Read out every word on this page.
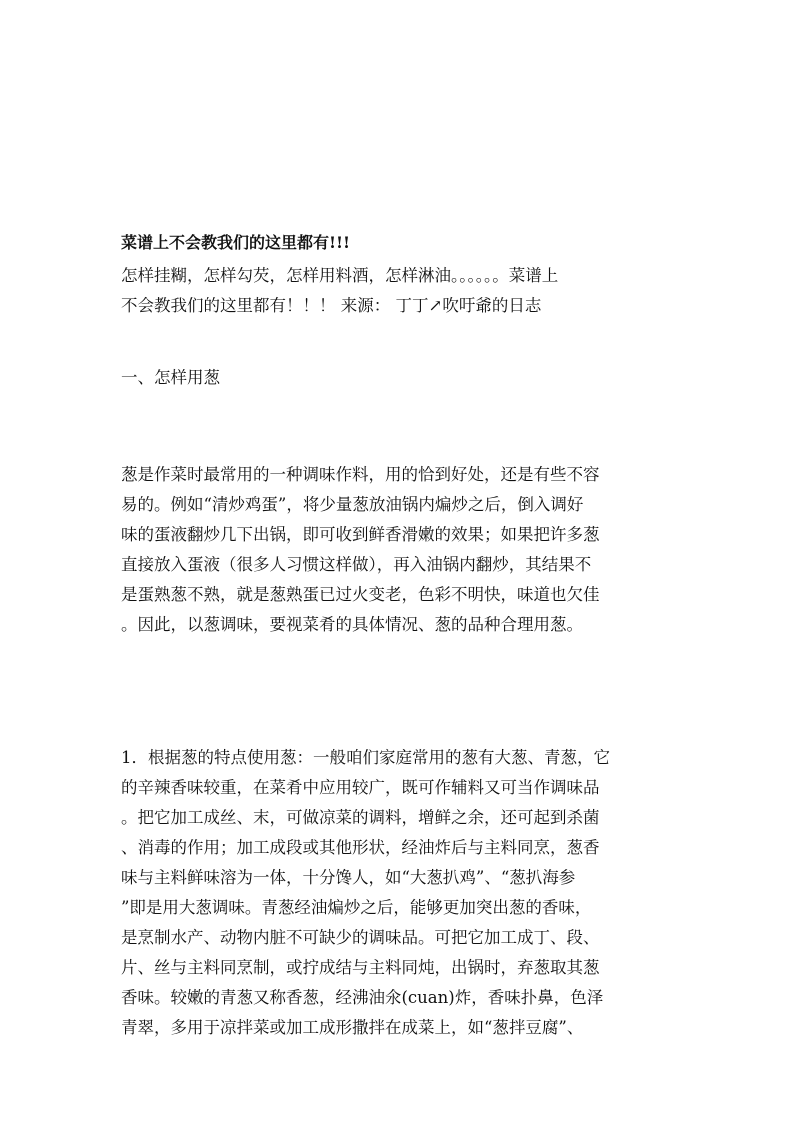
菜谱上不会教我们的这里都有!!!
怎样挂糊，怎样勾芡，怎样用料酒，怎样淋油。。。。。。菜谱上
不会教我们的这里都有！！！ 来源： 丁丁↗吹吁爺的日志
一、怎样用葱
葱是作菜时最常用的一种调味作料，用的恰到好处，还是有些不容
易的。例如“清炒鸡蛋”，将少量葱放油锅内煸炒之后，倒入调好
味的蛋液翻炒几下出锅，即可收到鲜香滑嫩的效果；如果把许多葱
直接放入蛋液（很多人习惯这样做），再入油锅内翻炒，其结果不
是蛋熟葱不熟，就是葱熟蛋已过火变老，色彩不明快，味道也欠佳
。因此，以葱调味，要视菜肴的具体情况、葱的品种合理用葱。
1．根据葱的特点使用葱：一般咱们家庭常用的葱有大葱、青葱，它
的辛辣香味较重，在菜肴中应用较广，既可作辅料又可当作调味品
。把它加工成丝、末，可做凉菜的调料，增鲜之余，还可起到杀菌
、消毒的作用；加工成段或其他形状，经油炸后与主料同烹，葱香
味与主料鲜味溶为一体，十分馋人，如“大葱扒鸡”、“葱扒海参
”即是用大葱调味。青葱经油煸炒之后，能够更加突出葱的香味，
是烹制水产、动物内脏不可缺少的调味品。可把它加工成丁、段、
片、丝与主料同烹制，或拧成结与主料同炖，出锅时，弃葱取其葱
香味。较嫩的青葱又称香葱，经沸油氽(cuan)炸，香味扑鼻，色泽
青翠，多用于凉拌菜或加工成形撒拌在成菜上，如“葱拌豆腐”、
